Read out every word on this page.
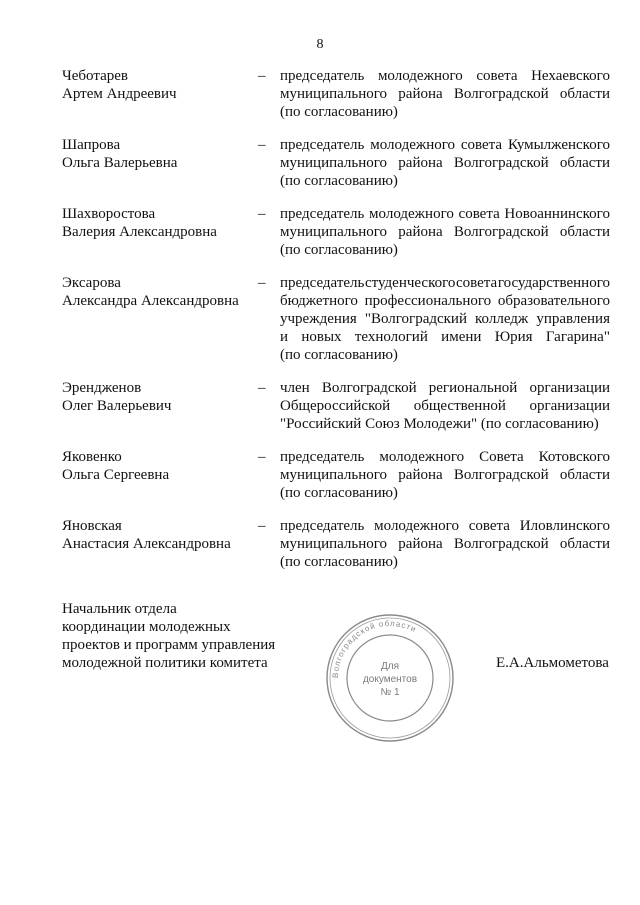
8
Чеботарев
Артем Андреевич
– председатель молодежного совета Нехаевского
муниципального района Волгоградской области
(по согласованию)
Шапрова
Ольга Валерьевна
– председатель молодежного совета Кумылженского
муниципального района Волгоградской области
(по согласованию)
Шахворостова
Валерия Александровна
– председатель молодежного совета Новоаннинского
муниципального района Волгоградской области
(по согласованию)
Эксарова
Александра Александровна
– председатель студенческого совета государственного
бюджетного профессионального образовательного
учреждения "Волгоградский колледж управления
и новых технологий имени Юрия Гагарина"
(по согласованию)
Эрендженов
Олег Валерьевич
– член Волгоградской региональной организации
Общероссийской общественной организации
"Российский Союз Молодежи" (по согласованию)
Яковенко
Ольга Сергеевна
– председатель молодежного Совета Котовского
муниципального района Волгоградской области
(по согласованию)
Яновская
Анастасия Александровна
– председатель молодежного совета Иловлинского
муниципального района Волгоградской области
(по согласованию)
Начальник отдела
координации молодежных
проектов и программ управления
молодежной политики комитета
Волгоградской области
Для
документов
№ 1
Е.А.Альмометова
